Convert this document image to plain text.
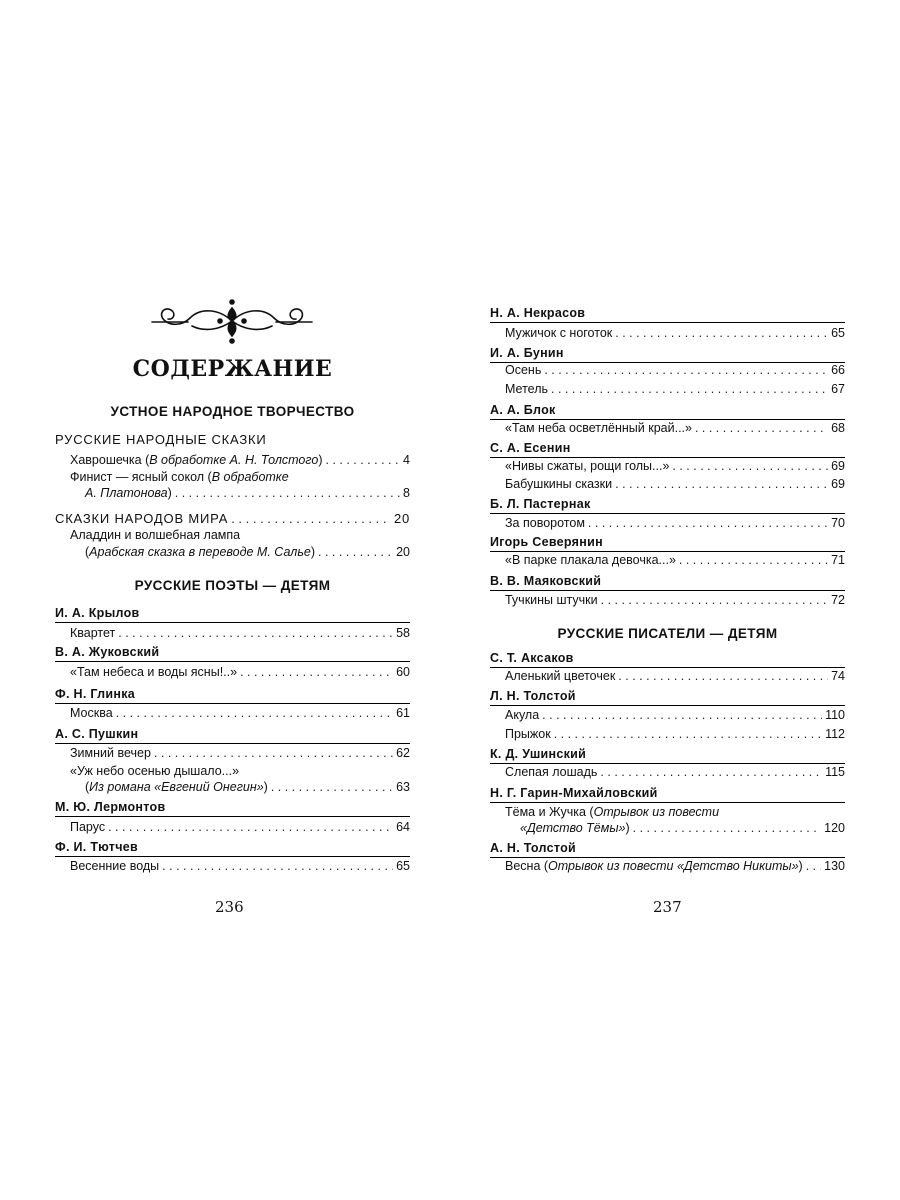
СОДЕРЖАНИЕ
УСТНОЕ НАРОДНОЕ ТВОРЧЕСТВО
РУССКИЕ НАРОДНЫЕ СКАЗКИ
Хаврошечка (В обработке А. Н. Толстого) . . .	4
Финист — ясный сокол (В обработке
А. Платонова) . . .	8
СКАЗКИ НАРОДОВ МИРА . . .	20
Аладдин и волшебная лампа
(Арабская сказка в переводе М. Салье) . . .	20
РУССКИЕ ПОЭТЫ — ДЕТЯМ
И. А. Крылов
Квартет . . .	58
В. А. Жуковский
«Там небеса и воды ясны!..» . . .	60
Ф. Н. Глинка
Москва . . .	61
А. С. Пушкин
Зимний вечер . . .	62
«Уж небо осенью дышало...»
(Из романа «Евгений Онегин») . . .	63
М. Ю. Лермонтов
Парус . . .	64
Ф. И. Тютчев
Весенние воды . . .	65
236
Н. А. Некрасов
Мужичок с ноготок . . .	65
И. А. Бунин
Осень . . .	66
Метель . . .	67
А. А. Блок
«Там неба осветлённый край...» . . .	68
С. А. Есенин
«Нивы сжаты, рощи голы...» . . .	69
Бабушкины сказки . . .	69
Б. Л. Пастернак
За поворотом . . .	70
Игорь Северянин
«В парке плакала девочка...» . . .	71
В. В. Маяковский
Тучкины штучки . . .	72
РУССКИЕ ПИСАТЕЛИ — ДЕТЯМ
С. Т. Аксаков
Аленький цветочек . . .	74
Л. Н. Толстой
Акула . . .	110
Прыжок . . .	112
К. Д. Ушинский
Слепая лошадь . . .	115
Н. Г. Гарин-Михайловский
Тёма и Жучка (Отрывок из повести
«Детство Тёмы») . . .	120
А. Н. Толстой
Весна (Отрывок из повести «Детство Никиты») . . . 130
237
